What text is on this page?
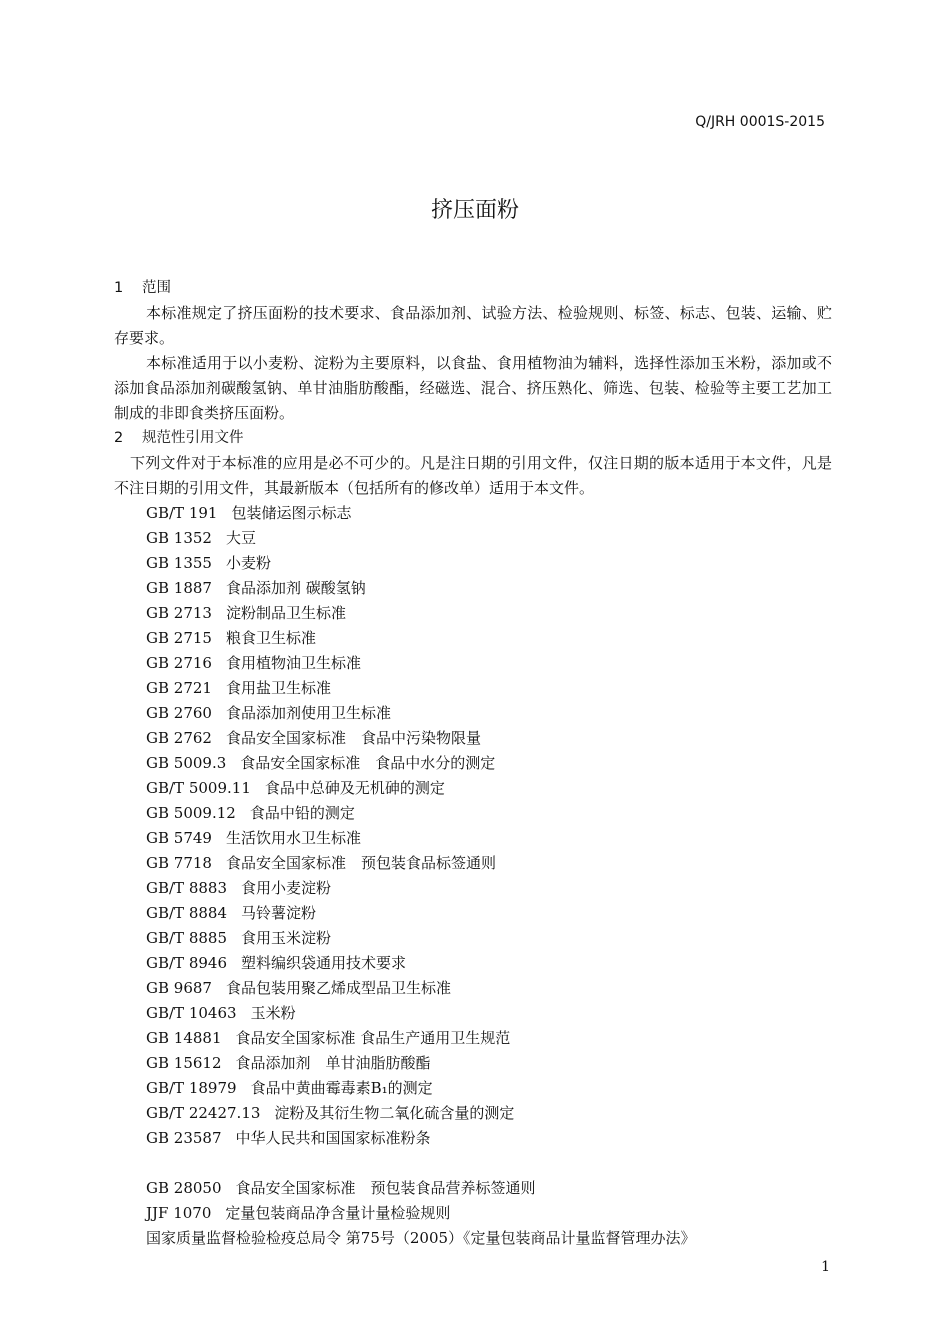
Q/JRH 0001S-2015
挤压面粉
1 范围
本标准规定了挤压面粉的技术要求、食品添加剂、试验方法、检验规则、标签、标志、包装、运输、贮存要求。
本标准适用于以小麦粉、淀粉为主要原料，以食盐、食用植物油为辅料，选择性添加玉米粉，添加或不添加食品添加剂碳酸氢钠、单甘油脂肪酸酯，经磁选、混合、挤压熟化、筛选、包装、检验等主要工艺加工制成的非即食类挤压面粉。
2 规范性引用文件
下列文件对于本标准的应用是必不可少的。凡是注日期的引用文件，仅注日期的版本适用于本文件，凡是不注日期的引用文件，其最新版本（包括所有的修改单）适用于本文件。
GB/T 191 包装储运图示标志
GB 1352 大豆
GB 1355 小麦粉
GB 1887 食品添加剂 碳酸氢钠
GB 2713 淀粉制品卫生标准
GB 2715 粮食卫生标准
GB 2716 食用植物油卫生标准
GB 2721 食用盐卫生标准
GB 2760 食品添加剂使用卫生标准
GB 2762 食品安全国家标准　食品中污染物限量
GB 5009.3 食品安全国家标准　食品中水分的测定
GB/T 5009.11 食品中总砷及无机砷的测定
GB 5009.12 食品中铅的测定
GB 5749 生活饮用水卫生标准
GB 7718 食品安全国家标准　预包装食品标签通则
GB/T 8883 食用小麦淀粉
GB/T 8884 马铃薯淀粉
GB/T 8885 食用玉米淀粉
GB/T 8946 塑料编织袋通用技术要求
GB 9687 食品包装用聚乙烯成型品卫生标准
GB/T 10463 玉米粉
GB 14881 食品安全国家标准 食品生产通用卫生规范
GB 15612 食品添加剂　单甘油脂肪酸酯
GB/T 18979 食品中黄曲霉毒素B₁的测定
GB/T 22427.13 淀粉及其衍生物二氧化硫含量的测定
GB 23587 中华人民共和国国家标准粉条
GB 28050 食品安全国家标准　预包装食品营养标签通则
JJF 1070 定量包装商品净含量计量检验规则
国家质量监督检验检疫总局令 第75号（2005）《定量包装商品计量监督管理办法》
1
